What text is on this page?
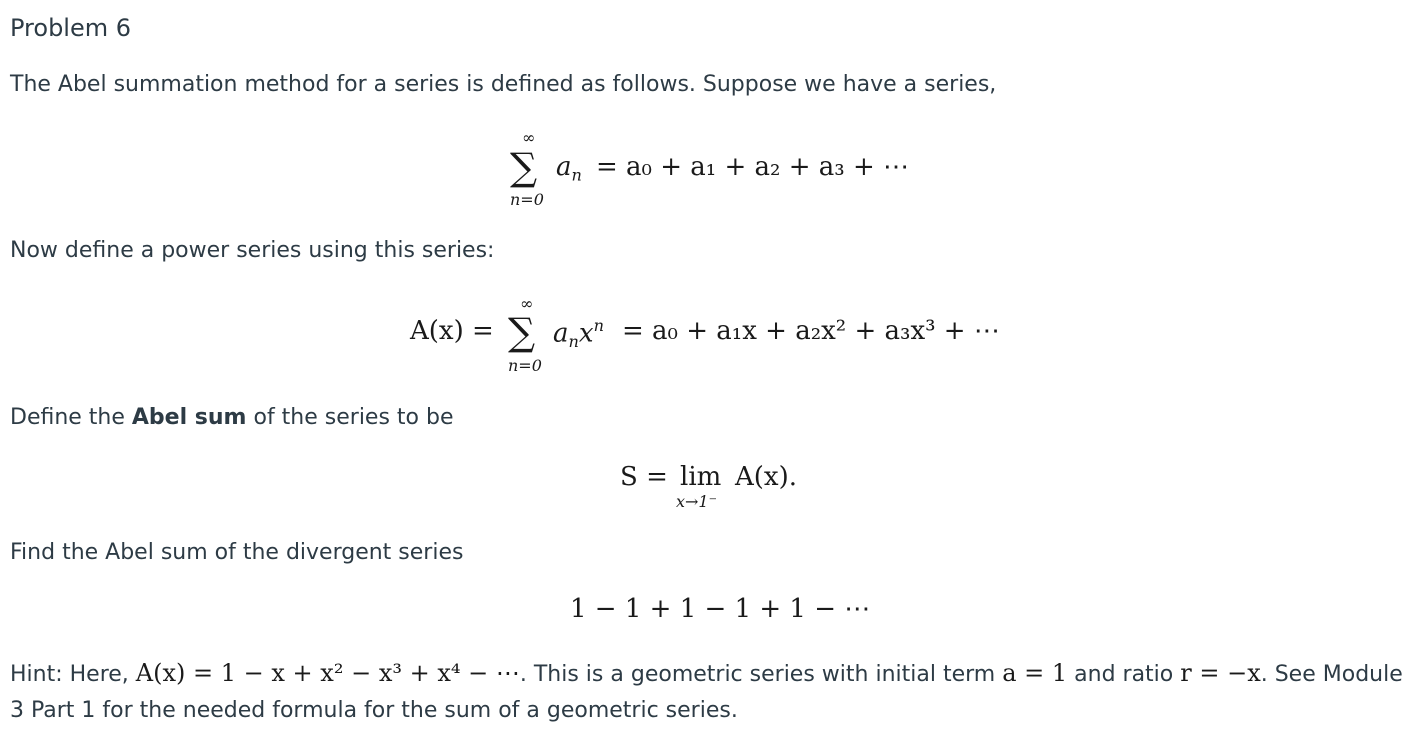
Problem 6
The Abel summation method for a series is defined as follows. Suppose we have a series,
∞
∑
n=0
$a_n = a_0 + a_1 + a_2 + a_3$ + ⋯
Now define a power series using this series:
A(x) =
∞
∑
n=0
$a_nx^n = a_0 + a_1x + a_2x^2 + a_3x^3$ + ⋯
Define the Abel sum of the series to be
S = lim
x→1⁻
A(x).
Find the Abel sum of the divergent series
1 − 1 + 1 − 1 + 1 − ⋯
Hint: Here, A(x) = 1 − x + x² − x³ + x⁴ − ⋯. This is a geometric series with initial term a = 1 and ratio r = −x. See Module 3 Part 1 for the needed formula for the sum of a geometric series.
